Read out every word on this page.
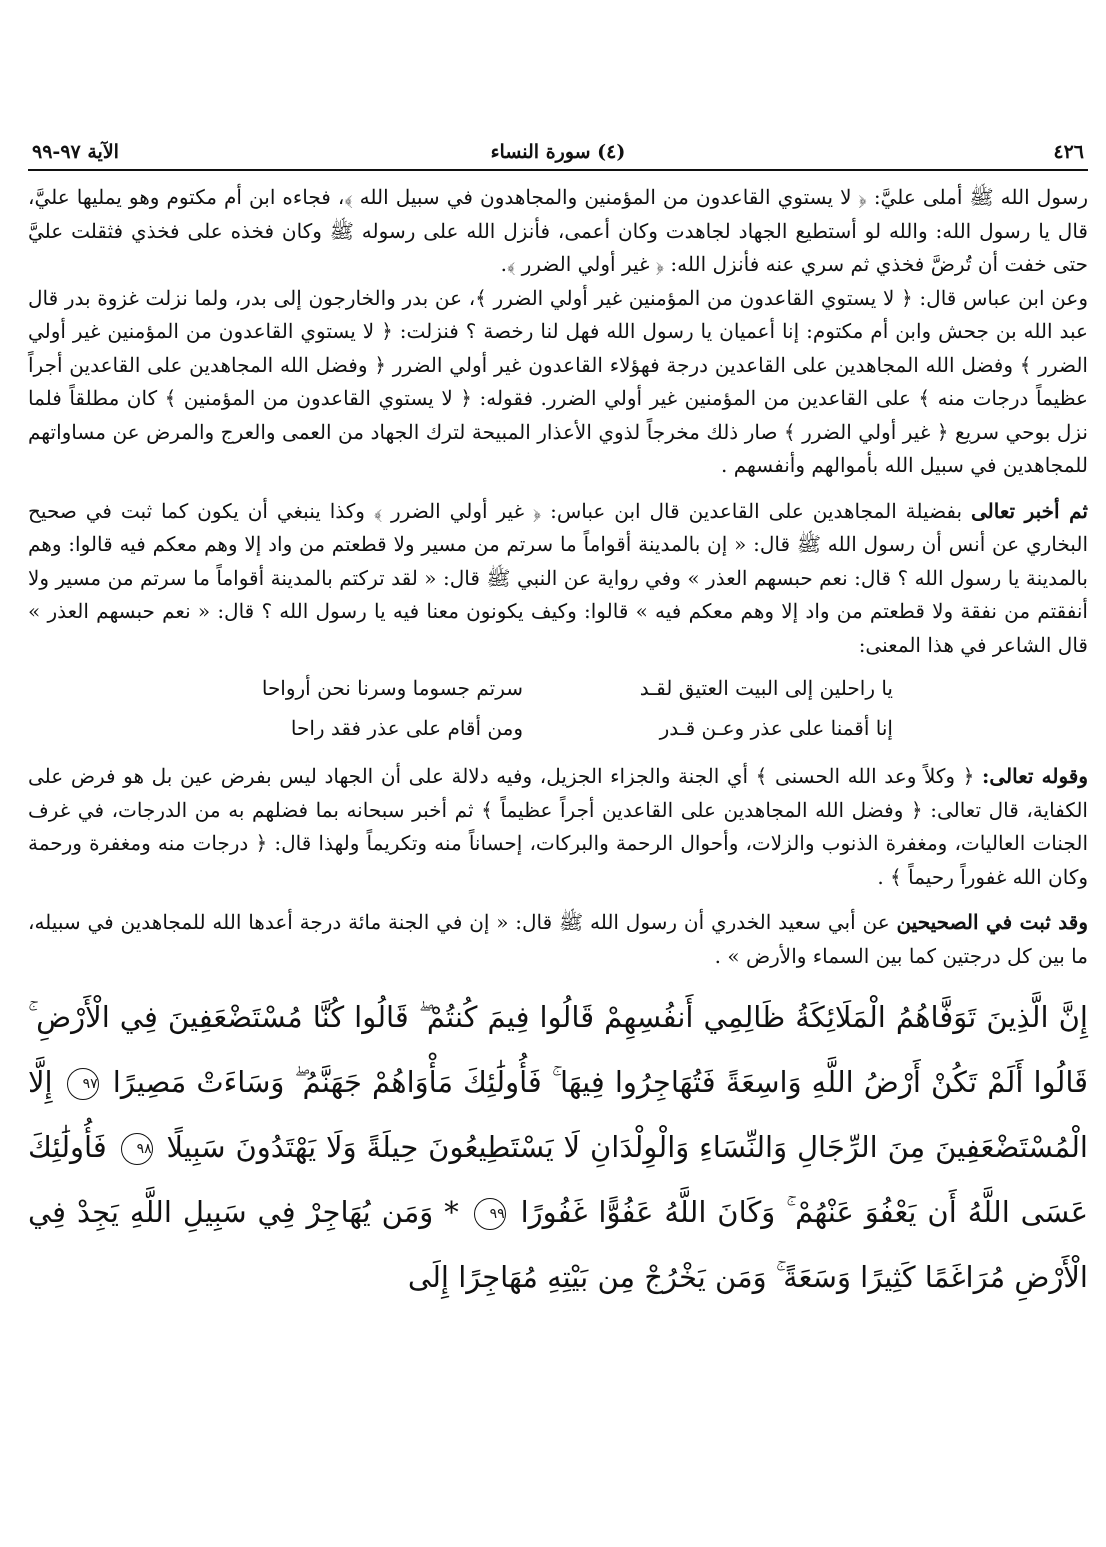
٤٢٦
(٤) سورة النساء
الآية ٩٧-٩٩

رسول الله ﷺ أملى عليَّ: ﴿ لا يستوي القاعدون من المؤمنين والمجاهدون في سبيل الله ﴾، فجاءه ابن أم مكتوم وهو يمليها عليَّ، قال يا رسول الله: والله لو أستطيع الجهاد لجاهدت وكان أعمى، فأنزل الله على رسوله ﷺ وكان فخذه على فخذي فثقلت عليَّ حتى خفت أن تُرضَّ فخذي ثم سري عنه فأنزل الله: ﴿ غير أولي الضرر ﴾.

وعن ابن عباس قال: ﴿ لا يستوي القاعدون من المؤمنين غير أولي الضرر ﴾، عن بدر والخارجون إلى بدر، ولما نزلت غزوة بدر قال عبد الله بن جحش وابن أم مكتوم: إنا أعميان يا رسول الله فهل لنا رخصة ؟ فنزلت: ﴿ لا يستوي القاعدون من المؤمنين غير أولي الضرر ﴾ وفضل الله المجاهدين على القاعدين درجة فهؤلاء القاعدون غير أولي الضرر ﴿ وفضل الله المجاهدين على القاعدين أجراً عظيماً درجات منه ﴾ على القاعدين من المؤمنين غير أولي الضرر. فقوله: ﴿ لا يستوي القاعدون من المؤمنين ﴾ كان مطلقاً فلما نزل بوحي سريع ﴿ غير أولي الضرر ﴾ صار ذلك مخرجاً لذوي الأعذار المبيحة لترك الجهاد من العمى والعرج والمرض عن مساواتهم للمجاهدين في سبيل الله بأموالهم وأنفسهم .

ثم أخبر تعالى بفضيلة المجاهدين على القاعدين قال ابن عباس: ﴿ غير أولي الضرر ﴾ وكذا ينبغي أن يكون كما ثبت في صحيح البخاري عن أنس أن رسول الله ﷺ قال: « إن بالمدينة أقواماً ما سرتم من مسير ولا قطعتم من واد إلا وهم معكم فيه قالوا: وهم بالمدينة يا رسول الله ؟ قال: نعم حبسهم العذر » وفي رواية عن النبي ﷺ قال: « لقد تركتم بالمدينة أقواماً ما سرتم من مسير ولا أنفقتم من نفقة ولا قطعتم من واد إلا وهم معكم فيه » قالوا: وكيف يكونون معنا فيه يا رسول الله ؟ قال: « نعم حبسهم العذر » قال الشاعر في هذا المعنى:

يا راحلين إلى البيت العتيق لقـد
سرتم جسوما وسرنا نحن أرواحا
إنا أقمنا على عذر وعـن قـدر
ومن أقام على عذر فقد راحا

وقوله تعالى: ﴿ وكلاً وعد الله الحسنى ﴾ أي الجنة والجزاء الجزيل، وفيه دلالة على أن الجهاد ليس بفرض عين بل هو فرض على الكفاية، قال تعالى: ﴿ وفضل الله المجاهدين على القاعدين أجراً عظيماً ﴾ ثم أخبر سبحانه بما فضلهم به من الدرجات، في غرف الجنات العاليات، ومغفرة الذنوب والزلات، وأحوال الرحمة والبركات، إحساناً منه وتكريماً ولهذا قال: ﴿ درجات منه ومغفرة ورحمة وكان الله غفوراً رحيماً ﴾ .

وقد ثبت في الصحيحين عن أبي سعيد الخدري أن رسول الله ﷺ قال: « إن في الجنة مائة درجة أعدها الله للمجاهدين في سبيله، ما بين كل درجتين كما بين السماء والأرض » .

إِنَّ الَّذِينَ تَوَفَّاهُمُ الْمَلَائِكَةُ ظَالِمِي أَنفُسِهِمْ قَالُوا فِيمَ كُنتُمْ ۖ قَالُوا كُنَّا مُسْتَضْعَفِينَ فِي الْأَرْضِ ۚ قَالُوا أَلَمْ تَكُنْ أَرْضُ اللَّهِ وَاسِعَةً فَتُهَاجِرُوا فِيهَا ۚ فَأُولَٰئِكَ مَأْوَاهُمْ جَهَنَّمُ ۖ وَسَاءَتْ مَصِيرًا ٩٧ إِلَّا الْمُسْتَضْعَفِينَ مِنَ الرِّجَالِ وَالنِّسَاءِ وَالْوِلْدَانِ لَا يَسْتَطِيعُونَ حِيلَةً وَلَا يَهْتَدُونَ سَبِيلًا ٩٨ فَأُولَٰئِكَ عَسَى اللَّهُ أَن يَعْفُوَ عَنْهُمْ ۚ وَكَانَ اللَّهُ عَفُوًّا غَفُورًا ٩٩ * وَمَن يُهَاجِرْ فِي سَبِيلِ اللَّهِ يَجِدْ فِي الْأَرْضِ مُرَاغَمًا كَثِيرًا وَسَعَةً ۚ وَمَن يَخْرُجْ مِن بَيْتِهِ مُهَاجِرًا إِلَى
